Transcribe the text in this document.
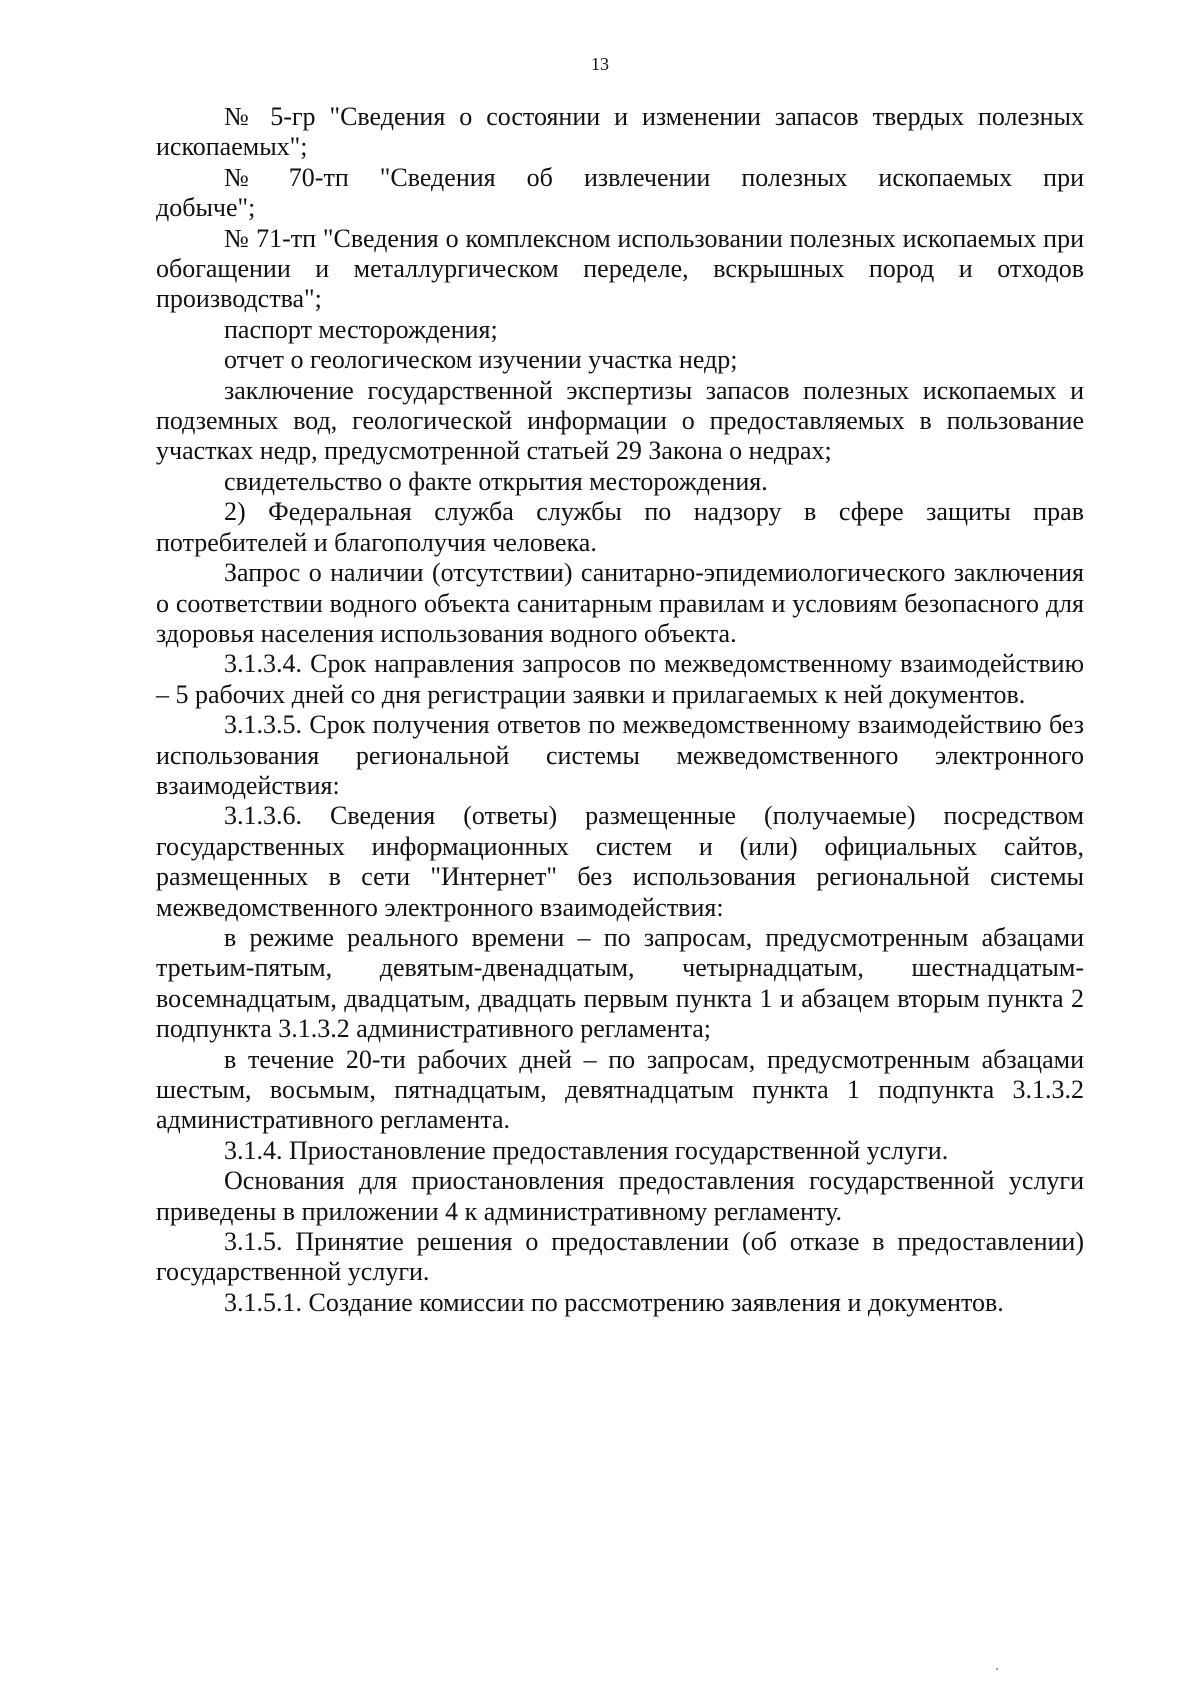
13

№ 5-гр "Сведения о состоянии и изменении запасов твердых полезных ископаемых";

№ 70-тп "Сведения об извлечении полезных ископаемых при добыче";

№ 71-тп "Сведения о комплексном использовании полезных ископаемых при обогащении и металлургическом переделе, вскрышных пород и отходов производства";

паспорт месторождения;

отчет о геологическом изучении участка недр;

заключение государственной экспертизы запасов полезных ископаемых и подземных вод, геологической информации о предоставляемых в пользование участках недр, предусмотренной статьей 29 Закона о недрах;

свидетельство о факте открытия месторождения.

2) Федеральная служба службы по надзору в сфере защиты прав потребителей и благополучия человека.

Запрос о наличии (отсутствии) санитарно-эпидемиологического заключения о соответствии водного объекта санитарным правилам и условиям безопасного для здоровья населения использования водного объекта.

3.1.3.4. Срок направления запросов по межведомственному взаимодействию – 5 рабочих дней со дня регистрации заявки и прилагаемых к ней документов.

3.1.3.5. Срок получения ответов по межведомственному взаимодействию без использования региональной системы межведомственного электронного взаимодействия:

3.1.3.6. Сведения (ответы) размещенные (получаемые) посредством государственных информационных систем и (или) официальных сайтов, размещенных в сети "Интернет" без использования региональной системы межведомственного электронного взаимодействия:

в режиме реального времени – по запросам, предусмотренным абзацами третьим-пятым, девятым-двенадцатым, четырнадцатым, шестнадцатым-восемнадцатым, двадцатым, двадцать первым пункта 1 и абзацем вторым пункта 2 подпункта 3.1.3.2 административного регламента;

в течение 20-ти рабочих дней – по запросам, предусмотренным абзацами шестым, восьмым, пятнадцатым, девятнадцатым пункта 1 подпункта 3.1.3.2 административного регламента.

3.1.4. Приостановление предоставления государственной услуги.

Основания для приостановления предоставления государственной услуги приведены в приложении 4 к административному регламенту.

3.1.5. Принятие решения о предоставлении (об отказе в предоставлении) государственной услуги.

3.1.5.1. Создание комиссии по рассмотрению заявления и документов.
